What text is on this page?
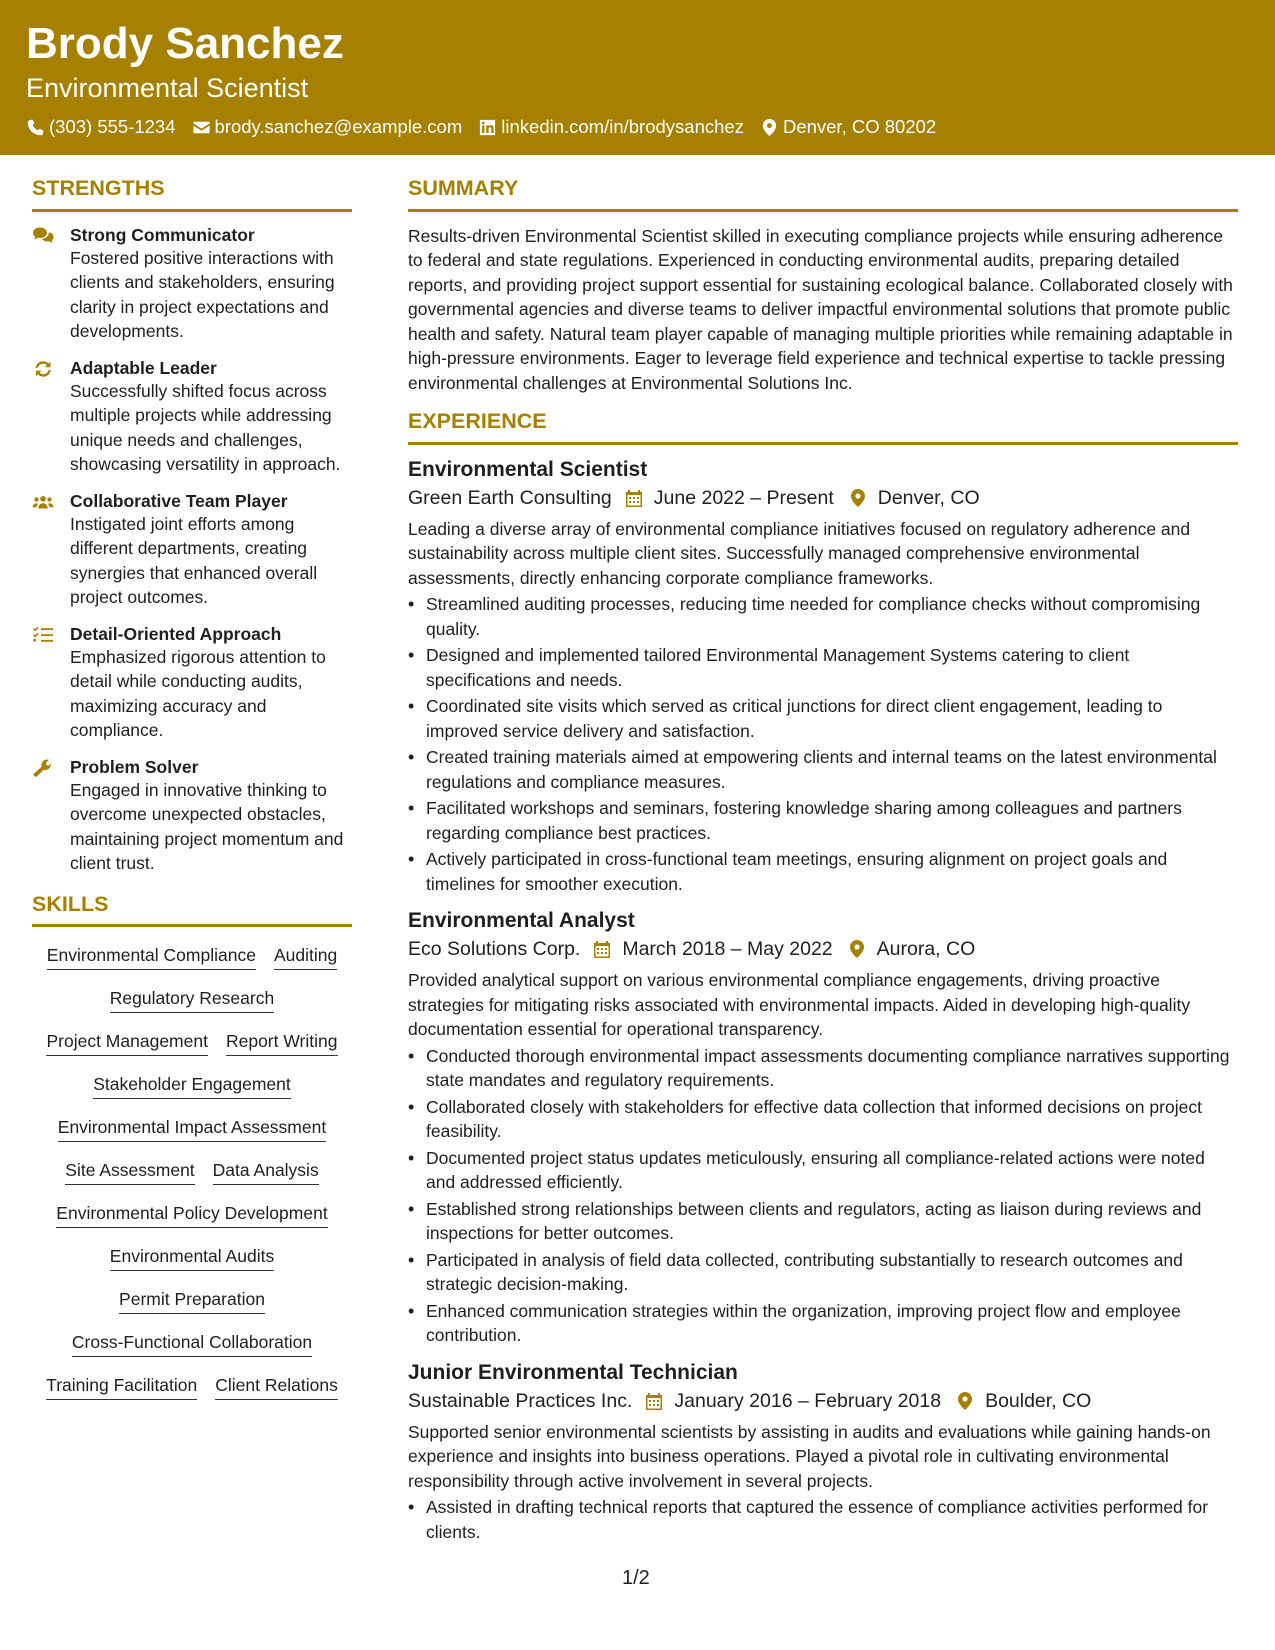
Brody Sanchez
Environmental Scientist
(303) 555-1234 brody.sanchez@example.com linkedin.com/in/brodysanchez Denver, CO 80202
STRENGTHS
Strong Communicator
Fostered positive interactions with clients and stakeholders, ensuring clarity in project expectations and developments.
Adaptable Leader
Successfully shifted focus across multiple projects while addressing unique needs and challenges, showcasing versatility in approach.
Collaborative Team Player
Instigated joint efforts among different departments, creating synergies that enhanced overall project outcomes.
Detail-Oriented Approach
Emphasized rigorous attention to detail while conducting audits, maximizing accuracy and compliance.
Problem Solver
Engaged in innovative thinking to overcome unexpected obstacles, maintaining project momentum and client trust.
SKILLS
Environmental Compliance Auditing
Regulatory Research
Project Management Report Writing
Stakeholder Engagement
Environmental Impact Assessment
Site Assessment Data Analysis
Environmental Policy Development
Environmental Audits
Permit Preparation
Cross-Functional Collaboration
Training Facilitation Client Relations
SUMMARY
Results-driven Environmental Scientist skilled in executing compliance projects while ensuring adherence to federal and state regulations. Experienced in conducting environmental audits, preparing detailed reports, and providing project support essential for sustaining ecological balance. Collaborated closely with governmental agencies and diverse teams to deliver impactful environmental solutions that promote public health and safety. Natural team player capable of managing multiple priorities while remaining adaptable in high-pressure environments. Eager to leverage field experience and technical expertise to tackle pressing environmental challenges at Environmental Solutions Inc.
EXPERIENCE
Environmental Scientist
Green Earth Consulting June 2022 – Present Denver, CO
Leading a diverse array of environmental compliance initiatives focused on regulatory adherence and sustainability across multiple client sites. Successfully managed comprehensive environmental assessments, directly enhancing corporate compliance frameworks.
• Streamlined auditing processes, reducing time needed for compliance checks without compromising quality.
• Designed and implemented tailored Environmental Management Systems catering to client specifications and needs.
• Coordinated site visits which served as critical junctions for direct client engagement, leading to improved service delivery and satisfaction.
• Created training materials aimed at empowering clients and internal teams on the latest environmental regulations and compliance measures.
• Facilitated workshops and seminars, fostering knowledge sharing among colleagues and partners regarding compliance best practices.
• Actively participated in cross-functional team meetings, ensuring alignment on project goals and timelines for smoother execution.
Environmental Analyst
Eco Solutions Corp. March 2018 – May 2022 Aurora, CO
Provided analytical support on various environmental compliance engagements, driving proactive strategies for mitigating risks associated with environmental impacts. Aided in developing high-quality documentation essential for operational transparency.
• Conducted thorough environmental impact assessments documenting compliance narratives supporting state mandates and regulatory requirements.
• Collaborated closely with stakeholders for effective data collection that informed decisions on project feasibility.
• Documented project status updates meticulously, ensuring all compliance-related actions were noted and addressed efficiently.
• Established strong relationships between clients and regulators, acting as liaison during reviews and inspections for better outcomes.
• Participated in analysis of field data collected, contributing substantially to research outcomes and strategic decision-making.
• Enhanced communication strategies within the organization, improving project flow and employee contribution.
Junior Environmental Technician
Sustainable Practices Inc. January 2016 – February 2018 Boulder, CO
Supported senior environmental scientists by assisting in audits and evaluations while gaining hands-on experience and insights into business operations. Played a pivotal role in cultivating environmental responsibility through active involvement in several projects.
• Assisted in drafting technical reports that captured the essence of compliance activities performed for clients.
1/2
